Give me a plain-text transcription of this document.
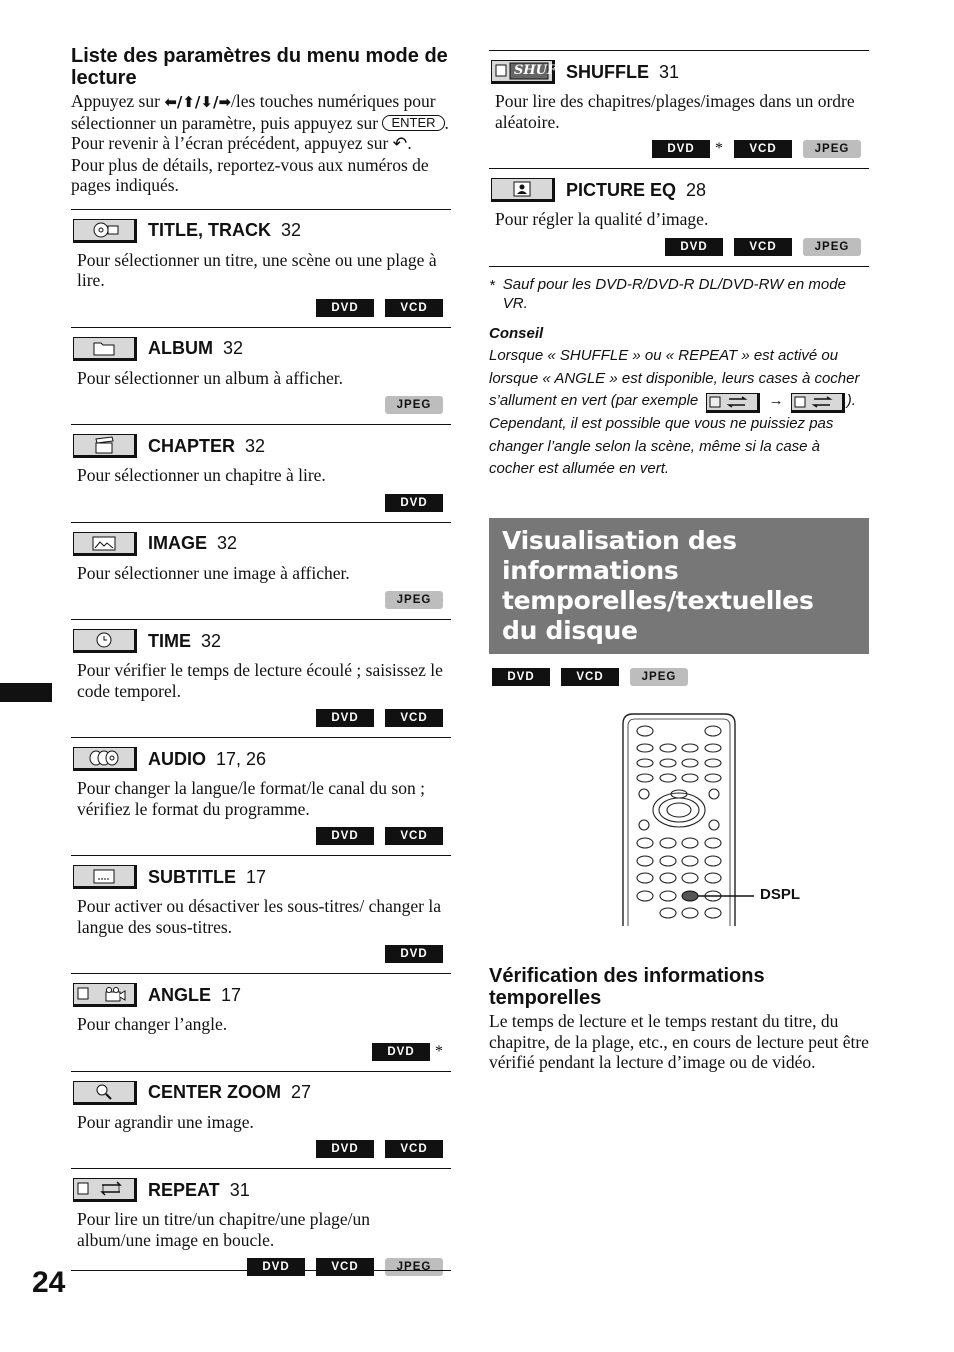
Liste des paramètres du menu mode de lecture

Appuyez sur ⬅/⬆/⬇/➡/les touches numériques pour sélectionner un paramètre, puis appuyez sur ENTER .

Pour revenir à l’écran précédent, appuyez sur ↶.

Pour plus de détails, reportez-vous aux numéros de pages indiqués.

TITLE, TRACK 32

Pour sélectionner un titre, une scène ou une plage à lire.

DVD	VCD
ALBUM 32

Pour sélectionner un album à afficher.

JPEG
CHAPTER 32

Pour sélectionner un chapitre à lire.

DVD
IMAGE 32

Pour sélectionner une image à afficher.

JPEG
TIME 32

Pour vérifier le temps de lecture écoulé ; saisissez le code temporel.

DVD	VCD
AUDIO 17, 26

Pour changer la langue/le format/le canal du son ; vérifiez le format du programme.

DVD	VCD
SUBTITLE 17

Pour activer ou désactiver les sous-titres/ changer la langue des sous-titres.

DVD
ANGLE 17

Pour changer l’angle.

DVD	*
CENTER ZOOM 27

Pour agrandir une image.

DVD	VCD
REPEAT 31

Pour lire un titre/un chapitre/une plage/un album/une image en boucle.

DVD	VCD	JPEG
SHUF SHUFFLE 31

Pour lire des chapitres/plages/images dans un ordre aléatoire.

DVD	*	VCD	JPEG
PICTURE EQ 28

Pour régler la qualité d’image.

DVD	VCD	JPEG
* Sauf pour les DVD-R/DVD-R DL/DVD-RW en mode VR.
Conseil
Lorsque « SHUFFLE » ou « REPEAT » est activé ou lorsque « ANGLE » est disponible, leurs cases à cocher s’allument en vert (par exemple	→	). Cependant, il est possible que vous ne puissiez pas changer l’angle selon la scène, même si la case à cocher est allumée en vert.
Visualisation des informations temporelles/textuelles du disque
DVD	VCD	JPEG
DSPL
Vérification des informations temporelles

Le temps de lecture et le temps restant du titre, du chapitre, de la plage, etc., en cours de lecture peut être vérifié pendant la lecture d’image ou de vidéo.

24
